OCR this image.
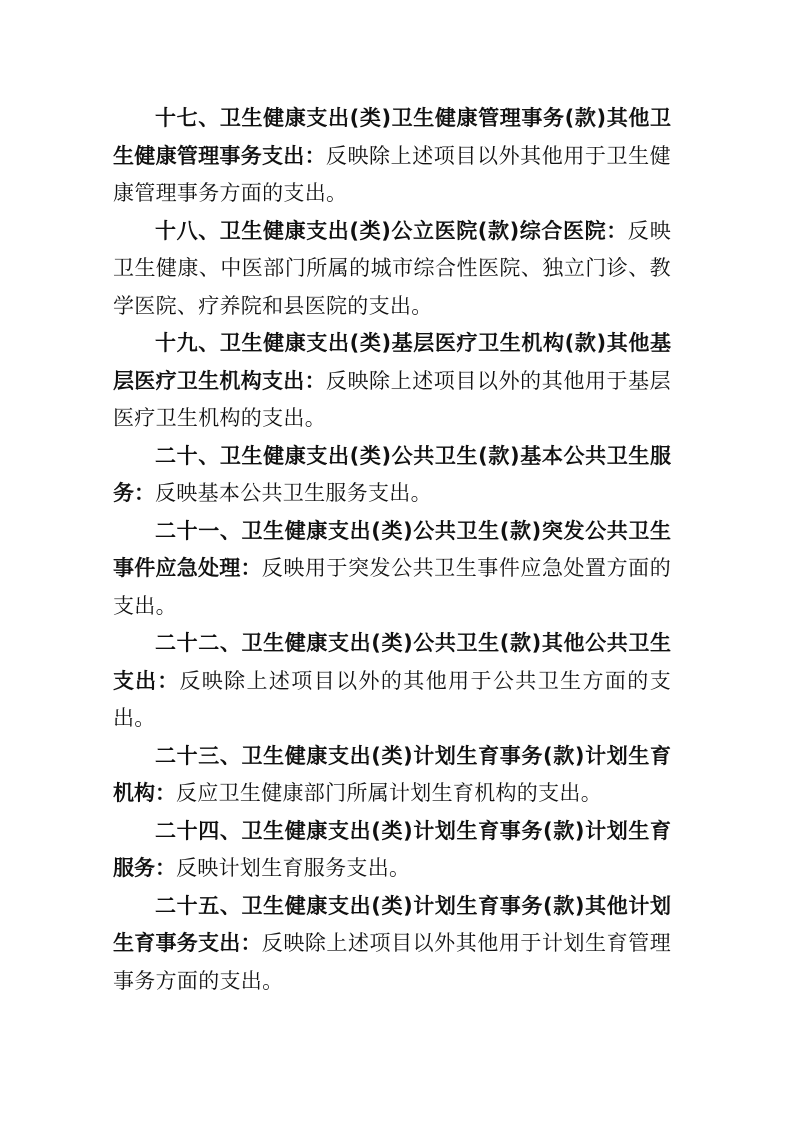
十七、卫生健康支出(类)卫生健康管理事务(款)其他卫生健康管理事务支出：反映除上述项目以外其他用于卫生健康管理事务方面的支出。

十八、卫生健康支出(类)公立医院(款)综合医院：反映卫生健康、中医部门所属的城市综合性医院、独立门诊、教学医院、疗养院和县医院的支出。

十九、卫生健康支出(类)基层医疗卫生机构(款)其他基层医疗卫生机构支出：反映除上述项目以外的其他用于基层医疗卫生机构的支出。

二十、卫生健康支出(类)公共卫生(款)基本公共卫生服务：反映基本公共卫生服务支出。

二十一、卫生健康支出(类)公共卫生(款)突发公共卫生事件应急处理：反映用于突发公共卫生事件应急处置方面的支出。

二十二、卫生健康支出(类)公共卫生(款)其他公共卫生支出：反映除上述项目以外的其他用于公共卫生方面的支出。

二十三、卫生健康支出(类)计划生育事务(款)计划生育机构：反应卫生健康部门所属计划生育机构的支出。

二十四、卫生健康支出(类)计划生育事务(款)计划生育服务：反映计划生育服务支出。

二十五、卫生健康支出(类)计划生育事务(款)其他计划生育事务支出：反映除上述项目以外其他用于计划生育管理事务方面的支出。
